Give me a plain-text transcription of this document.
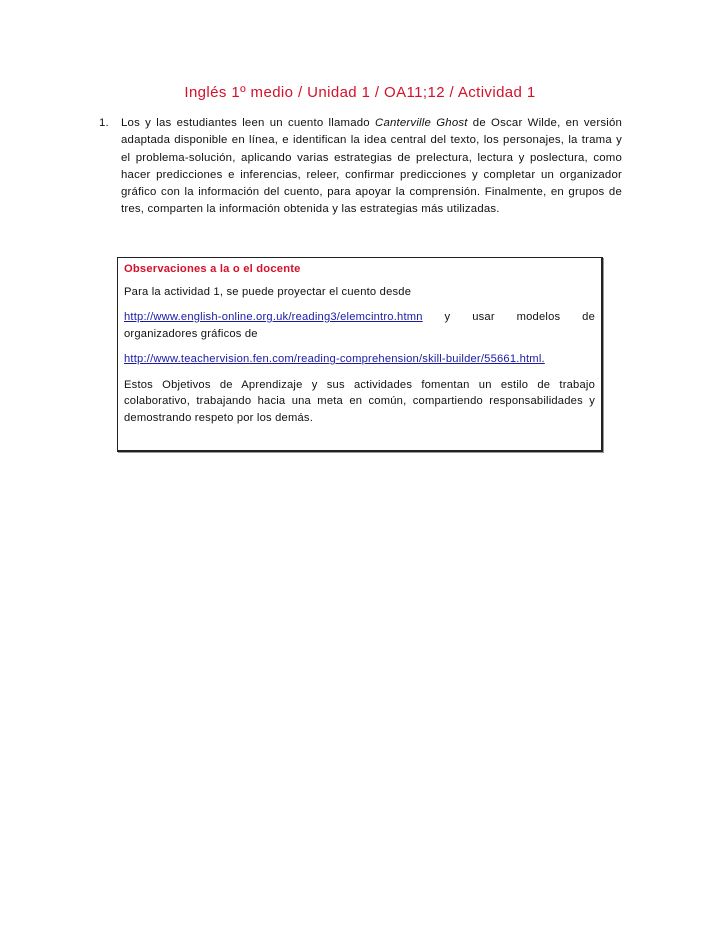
Inglés 1º medio / Unidad 1 / OA11;12 / Actividad 1
1. Los y las estudiantes leen un cuento llamado Canterville Ghost de Oscar Wilde, en versión adaptada disponible en línea, e identifican la idea central del texto, los personajes, la trama y el problema-solución, aplicando varias estrategias de prelectura, lectura y poslectura, como hacer predicciones e inferencias, releer, confirmar predicciones y completar un organizador gráfico con la información del cuento, para apoyar la comprensión. Finalmente, en grupos de tres, comparten la información obtenida y las estrategias más utilizadas.
Observaciones a la o el docente

Para la actividad 1, se puede proyectar el cuento desde

http://www.english-online.org.uk/reading3/elemcintro.htmn y usar modelos de organizadores gráficos de

http://www.teachervision.fen.com/reading-comprehension/skill-builder/55661.html.

Estos Objetivos de Aprendizaje y sus actividades fomentan un estilo de trabajo colaborativo, trabajando hacia una meta en común, compartiendo responsabilidades y demostrando respeto por los demás.
